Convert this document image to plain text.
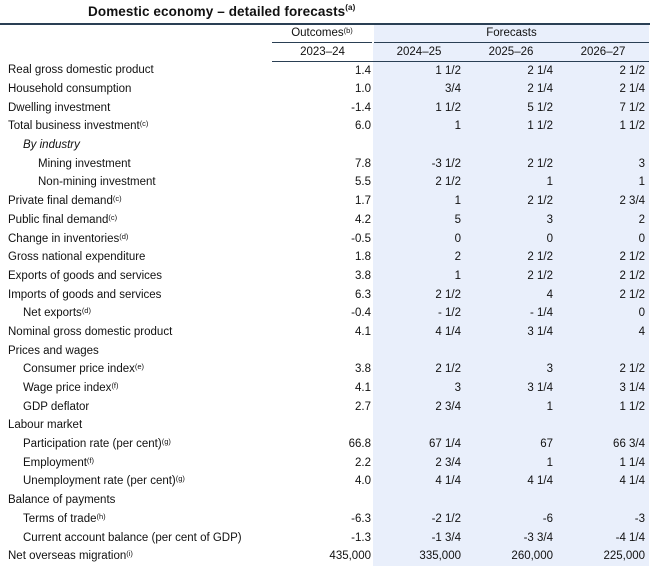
Domestic economy – detailed forecasts$^{(a)}$
	Outcomes$^{(b)}$	Forecasts		
	2023–24	2024–25	2025–26	2026–27
Real gross domestic product	1.4	1 1/2	2 1/4	2 1/2
Household consumption	1.0	3/4	2 1/4	2 1/4
Dwelling investment	-1.4	1 1/2	5 1/2	7 1/2
Total business investment$^{(c)}$	6.0	1	1 1/2	1 1/2
By industry				
Mining investment	7.8	-3 1/2	2 1/2	3
Non-mining investment	5.5	2 1/2	1	1
Private final demand$^{(c)}$	1.7	1	2 1/2	2 3/4
Public final demand$^{(c)}$	4.2	5	3	2
Change in inventories$^{(d)}$	-0.5	0	0	0
Gross national expenditure	1.8	2	2 1/2	2 1/2
Exports of goods and services	3.8	1	2 1/2	2 1/2
Imports of goods and services	6.3	2 1/2	4	2 1/2
Net exports$^{(d)}$	-0.4	- 1/2	- 1/4	0
Nominal gross domestic product	4.1	4 1/4	3 1/4	4
Prices and wages				
Consumer price index$^{(e)}$	3.8	2 1/2	3	2 1/2
Wage price index$^{(f)}$	4.1	3	3 1/4	3 1/4
GDP deflator	2.7	2 3/4	1	1 1/2
Labour market				
Participation rate (per cent)$^{(g)}$	66.8	67 1/4	67	66 3/4
Employment$^{(f)}$	2.2	2 3/4	1	1 1/4
Unemployment rate (per cent)$^{(g)}$	4.0	4 1/4	4 1/4	4 1/4
Balance of payments				
Terms of trade$^{(h)}$	-6.3	-2 1/2	-6	-3
Current account balance (per cent of GDP)	-1.3	-1 3/4	-3 3/4	-4 1/4
Net overseas migration$^{(i)}$	435,000	335,000	260,000	225,000
